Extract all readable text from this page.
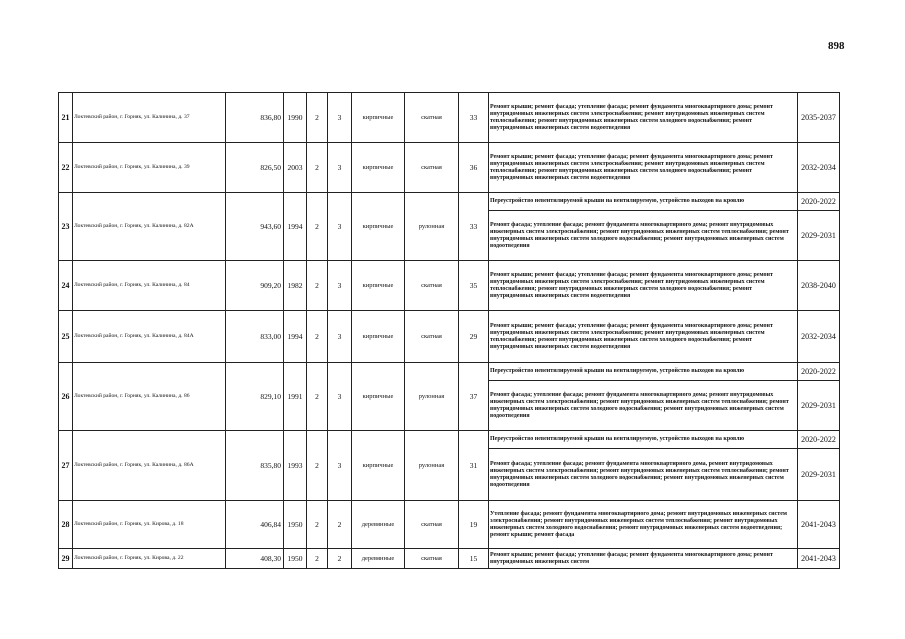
898
21	Локтевский район, г. Горняк, ул. Калинина, д. 37	836,80	1990	2	3	кирпичные	скатная	33	Ремонт крыши; ремонт фасада; утепление фасада; ремонт фундамента многоквартирного дома; ремонт внутридомовых инженерных систем электроснабжения; ремонт внутридомовых инженерных систем теплоснабжения; ремонт внутридомовых инженерных систем холодного водоснабжения; ремонт внутридомовых инженерных систем водоотведения	2035-2037
22	Локтевский район, г. Горняк, ул. Калинина, д. 39	826,50	2003	2	3	кирпичные	скатная	36	Ремонт крыши; ремонт фасада; утепление фасада; ремонт фундамента многоквартирного дома; ремонт внутридомовых инженерных систем электроснабжения; ремонт внутридомовых инженерных систем теплоснабжения; ремонт внутридомовых инженерных систем холодного водоснабжения; ремонт внутридомовых инженерных систем водоотведения	2032-2034
23	Локтевский район, г. Горняк, ул. Калинина, д. 82А	943,60	1994	2	3	кирпичные	рулонная	33	Переустройство невентилируемой крыши на вентилируемую, устройство выходов на кровлю	2020-2022
									Ремонт фасада; утепление фасада; ремонт фундамента многоквартирного дома; ремонт внутридомовых инженерных систем электроснабжения; ремонт внутридомовых инженерных систем теплоснабжения; ремонт внутридомовых инженерных систем холодного водоснабжения; ремонт внутридомовых инженерных систем водоотведения	2029-2031
24	Локтевский район, г. Горняк, ул. Калинина, д. 84	909,20	1982	2	3	кирпичные	скатная	35	Ремонт крыши; ремонт фасада; утепление фасада; ремонт фундамента многоквартирного дома; ремонт внутридомовых инженерных систем электроснабжения; ремонт внутридомовых инженерных систем теплоснабжения; ремонт внутридомовых инженерных систем холодного водоснабжения; ремонт внутридомовых инженерных систем водоотведения	2038-2040
25	Локтевский район, г. Горняк, ул. Калинина, д. 84А	833,00	1994	2	3	кирпичные	скатная	29	Ремонт крыши; ремонт фасада; утепление фасада; ремонт фундамента многоквартирного дома; ремонт внутридомовых инженерных систем электроснабжения; ремонт внутридомовых инженерных систем теплоснабжения; ремонт внутридомовых инженерных систем холодного водоснабжения; ремонт внутридомовых инженерных систем водоотведения	2032-2034
26	Локтевский район, г. Горняк, ул. Калинина, д. 86	829,10	1991	2	3	кирпичные	рулонная	37	Переустройство невентилируемой крыши на вентилируемую, устройство выходов на кровлю	2020-2022
									Ремонт фасада; утепление фасада; ремонт фундамента многоквартирного дома; ремонт внутридомовых инженерных систем электроснабжения; ремонт внутридомовых инженерных систем теплоснабжения; ремонт внутридомовых инженерных систем холодного водоснабжения; ремонт внутридомовых инженерных систем водоотведения	2029-2031
27	Локтевский район, г. Горняк, ул. Калинина, д. 86А	835,80	1993	2	3	кирпичные	рулонная	31	Переустройство невентилируемой крыши на вентилируемую, устройство выходов на кровлю	2020-2022
									Ремонт фасада; утепление фасада; ремонт фундамента многоквартирного дома, ремонт внутридомовых инженерных систем электроснабжения; ремонт внутридомовых инженерных систем теплоснабжения; ремонт внутридомовых инженерных систем холодного водоснабжения; ремонт внутридомовых инженерных систем водоотведения	2029-2031
28	Локтевский район, г. Горняк, ул. Кирова, д. 18	406,84	1950	2	2	деревянные	скатная	19	Утепление фасада; ремонт фундамента многоквартирного дома; ремонт внутридомовых инженерных систем электроснабжения; ремонт внутридомовых инженерных систем теплоснабжения; ремонт внутридомовых инженерных систем холодного водоснабжения; ремонт внутридомовых инженерных систем водоотведения; ремонт крыши; ремонт фасада	2041-2043
29	Локтевский район, г. Горняк, ул. Кирова, д. 22	408,30	1950	2	2	деревянные	скатная	15	Ремонт крыши; ремонт фасада; утепление фасада; ремонт фундамента многоквартирного дома; ремонт внутридомовых инженерных систем	2041-2043
